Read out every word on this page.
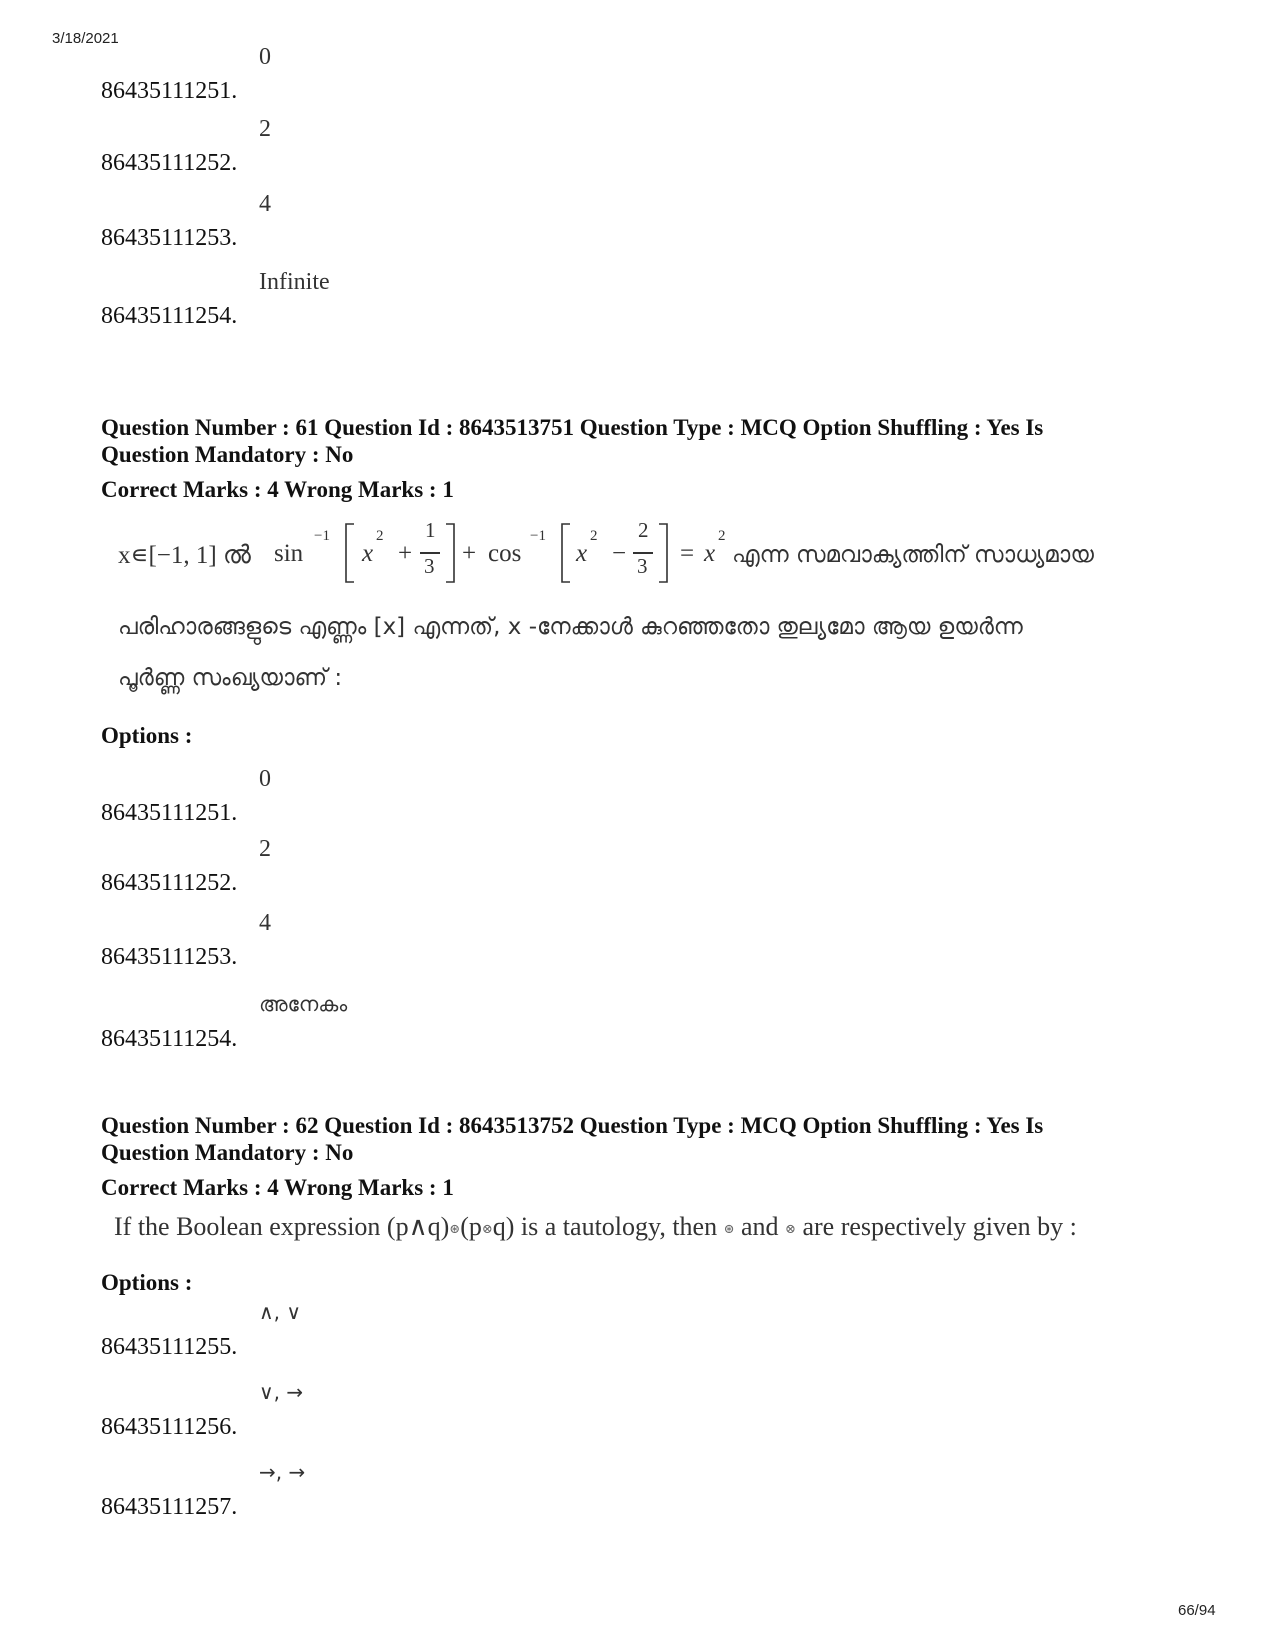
3/18/2021
86435111251.
0
86435111252.
2
86435111253.
4
86435111254.
Infinite
Question Number : 61 Question Id : 8643513751 Question Type : MCQ Option Shuffling : Yes Is
Question Mandatory : No
Correct Marks : 4 Wrong Marks : 1
x∊[−1, 1] ൽ sin
−1
x
2
+
1
3 + cos
−1
x
2
−
2
3 = x
2
എന്ന സമവാക്യത്തിന് സാധ്യമായ
പരിഹാരങ്ങളുടെ എണ്ണം [x] എന്നത്, x -നേക്കാൾ കുറഞ്ഞതോ തുല്യമോ ആയ ഉയർന്ന
പൂർണ്ണ സംഖ്യയാണ് :
Options :
86435111251.
0
86435111252.
2
86435111253.
4
86435111254.
അനേകം
Question Number : 62 Question Id : 8643513752 Question Type : MCQ Option Shuffling : Yes Is
Question Mandatory : No
Correct Marks : 4 Wrong Marks : 1
If the Boolean expression (p∧q)⊛(p⊗q) is a tautology, then ⊛ and ⊗ are respectively given by :
Options :
86435111255.
∧, ∨
86435111256.
∨, →
86435111257.
→, →
66/94
